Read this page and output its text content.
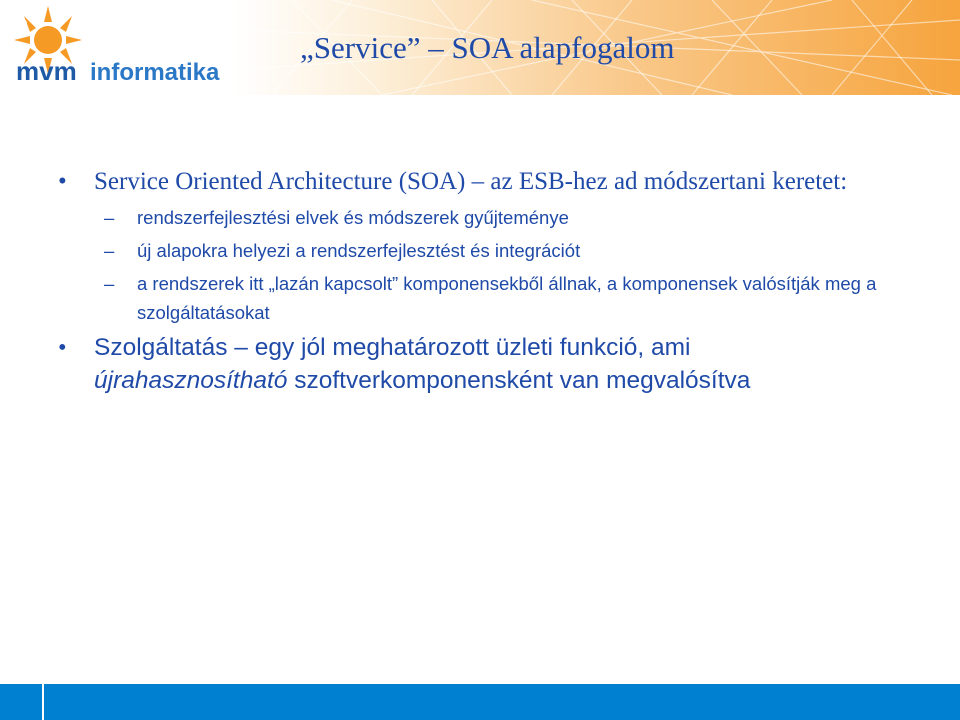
mvm informatika
„Service” – SOA alapfogalom
• Service Oriented Architecture (SOA) – az ESB-hez ad módszertani keretet:
– rendszerfejlesztési elvek és módszerek gyűjteménye
– új alapokra helyezi a rendszerfejlesztést és integrációt
– a rendszerek itt „lazán kapcsolt” komponensekből állnak, a komponensek valósítják meg a szolgáltatásokat
• Szolgáltatás – egy jól meghatározott üzleti funkció, ami
újrahasznosítható szoftverkomponensként van megvalósítva
10
